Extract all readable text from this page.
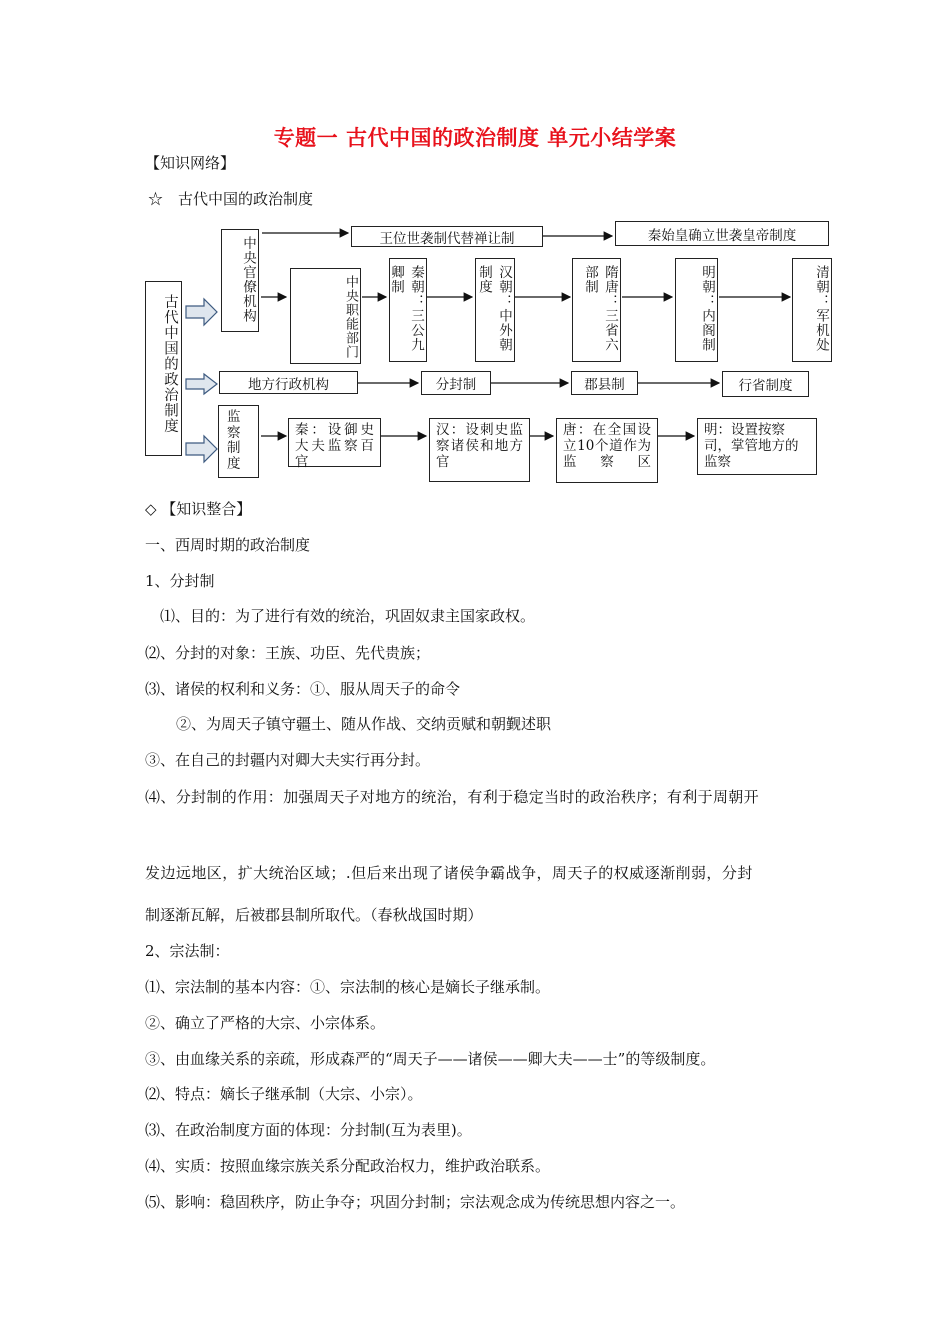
专题一 古代中国的政治制度 单元小结学案
【知识网络】
☆　古代中国的政治制度
古代中国的政治制度
中央官僚机构	王位世袭制代替禅让制	秦始皇确立世袭皇帝制度
中央职能部门	秦朝：三公九卿制	汉朝：中外朝制度	隋唐：三省六部制	明朝：内阁制	清朝：军机处
地方行政机构	分封制	郡县制	行省制度
监察制度
秦：设御史大夫监察百官
汉：设刺史监察诸侯和地方官
唐：在全国设立10个道作为监察区
明：设置按察司，掌管地方的监察
◇ 【知识整合】
一、西周时期的政治制度
1、分封制
⑴、目的：为了进行有效的统治，巩固奴隶主国家政权。
⑵、分封的对象：王族、功臣、先代贵族；
⑶、诸侯的权利和义务：①、服从周天子的命令
②、为周天子镇守疆土、随从作战、交纳贡赋和朝觐述职
③、在自己的封疆内对卿大夫实行再分封。
⑷、分封制的作用：加强周天子对地方的统治，有利于稳定当时的政治秩序；有利于周朝开
发边远地区，扩大统治区域；.但后来出现了诸侯争霸战争，周天子的权威逐渐削弱，分封
制逐渐瓦解，后被郡县制所取代。（春秋战国时期）
2、宗法制：
⑴、宗法制的基本内容：①、宗法制的核心是嫡长子继承制。
②、确立了严格的大宗、小宗体系。
③、由血缘关系的亲疏，形成森严的“周天子——诸侯——卿大夫——士”的等级制度。
⑵、特点：嫡长子继承制（大宗、小宗）。
⑶、在政治制度方面的体现：分封制(互为表里)。
⑷、实质：按照血缘宗族关系分配政治权力，维护政治联系。
⑸、影响：稳固秩序，防止争夺；巩固分封制；宗法观念成为传统思想内容之一。
